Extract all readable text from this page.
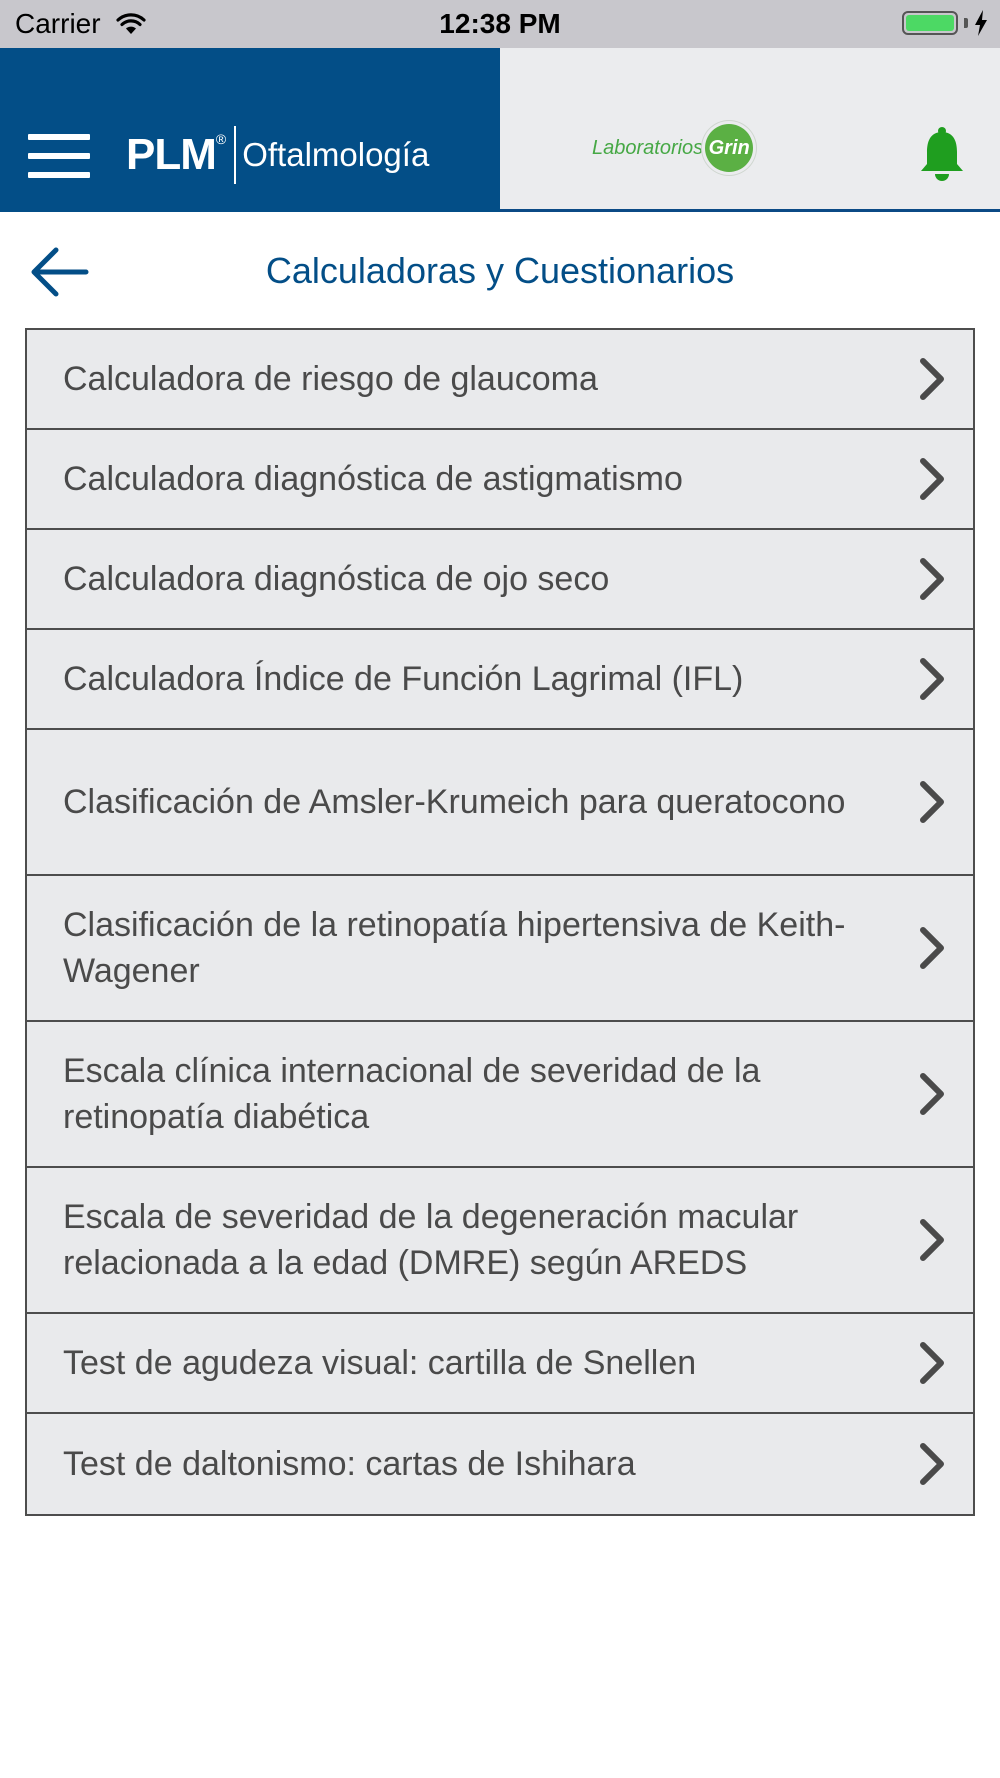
Carrier	12:38 PM
PLM ® Oftalmología	Laboratorios Grin
Calculadoras y Cuestionarios
Calculadora de riesgo de glaucoma
Calculadora diagnóstica de astigmatismo
Calculadora diagnóstica de ojo seco
Calculadora Índice de Función Lagrimal (IFL)
Clasificación de Amsler-Krumeich para queratocono
Clasificación de la retinopatía hipertensiva de Keith-Wagener
Escala clínica internacional de severidad de la retinopatía diabética
Escala de severidad de la degeneración macular relacionada a la edad (DMRE) según AREDS
Test de agudeza visual: cartilla de Snellen
Test de daltonismo: cartas de Ishihara
